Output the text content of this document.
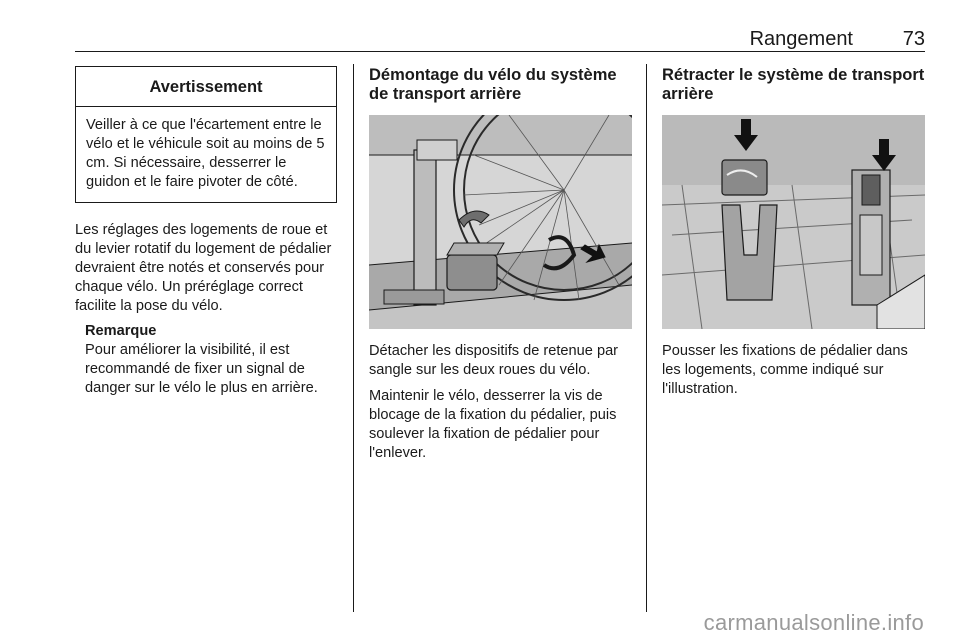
Rangement 73
Avertissement
Veiller à ce que l'écartement entre le vélo et le véhicule soit au moins de 5 cm. Si nécessaire, desserrer le guidon et le faire pivoter de côté.

Les réglages des logements de roue et du levier rotatif du logement de pédalier devraient être notés et conservés pour chaque vélo. Un préréglage correct facilite la pose du vélo.

Remarque

Pour améliorer la visibilité, il est recommandé de fixer un signal de danger sur le vélo le plus en arrière.

Démontage du vélo du système de transport arrière

Détacher les dispositifs de retenue par sangle sur les deux roues du vélo.

Maintenir le vélo, desserrer la vis de blocage de la fixation du pédalier, puis soulever la fixation de pédalier pour l'enlever.

Rétracter le système de transport arrière

Pousser les fixations de pédalier dans les logements, comme indiqué sur l'illustration.

carmanualsonline.info
